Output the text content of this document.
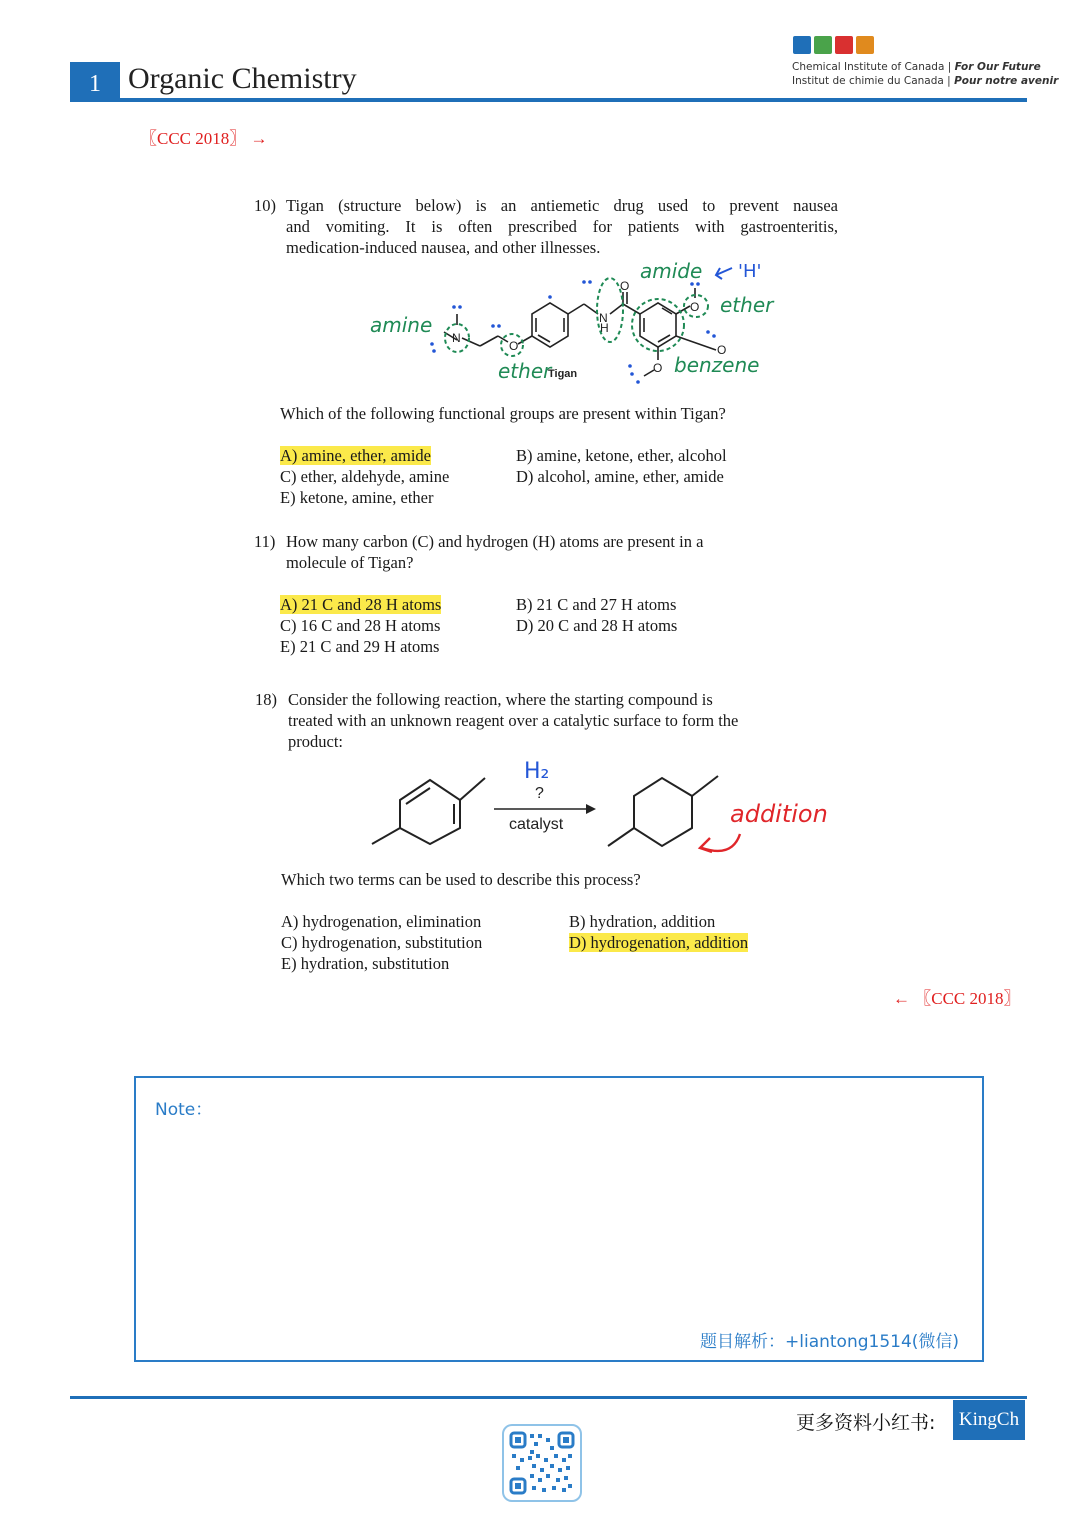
1 Organic Chemistry	Chemical Institute of Canada | For Our Future
Institut de chimie du Canada | Pour notre avenir
〖CCC 2018〗 →
10) Tigan (structure below) is an antiemetic drug used to prevent nausea
and vomiting. It is often prescribed for patients with gastroenteritis,
medication-induced nausea, and other illnesses.
N
O
N
H
O
O
O
O
Tigan
amine
ether
amide
ether
benzene
'H'
Which of the following functional groups are present within Tigan?
A) amine, ether, amide	B) amine, ketone, ether, alcohol
C) ether, aldehyde, amine	D) alcohol, amine, ether, amide
E) ketone, amine, ether
11) How many carbon (C) and hydrogen (H) atoms are present in a
molecule of Tigan?
A) 21 C and 28 H atoms	B) 21 C and 27 H atoms
C) 16 C and 28 H atoms	D) 20 C and 28 H atoms
E) 21 C and 29 H atoms
18) Consider the following reaction, where the starting compound is
treated with an unknown reagent over a catalytic surface to form the
product:
?
catalyst
H₂
addition
Which two terms can be used to describe this process?
A) hydrogenation, elimination	B) hydration, addition
C) hydrogenation, substitution	D) hydrogenation, addition
E) hydration, substitution
← 〖CCC 2018〗
Note：
题目解析：+liantong1514(微信)
更多资料小红书:	KingCh
